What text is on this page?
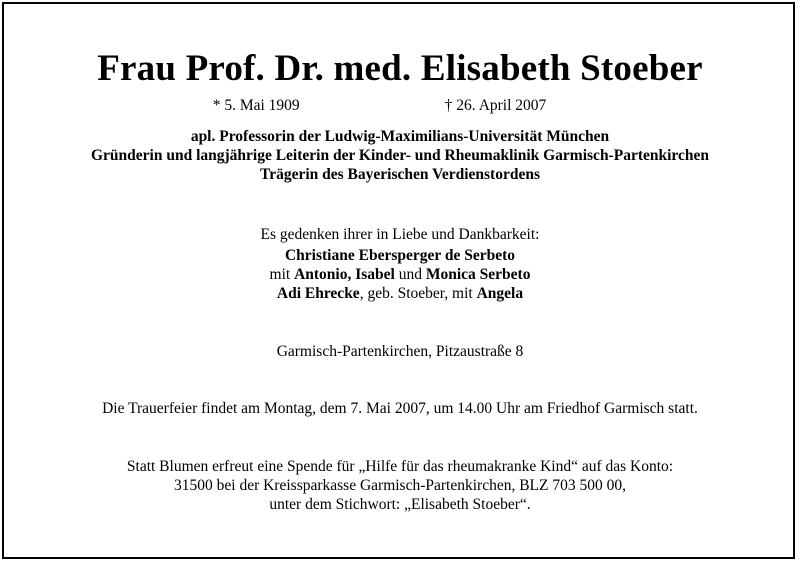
Frau Prof. Dr. med. Elisabeth Stoeber
* 5. Mai 1909	† 26. April 2007
apl. Professorin der Ludwig-Maximilians-Universität München
Gründerin und langjährige Leiterin der Kinder- und Rheumaklinik Garmisch-Partenkirchen
Trägerin des Bayerischen Verdienstordens
Es gedenken ihrer in Liebe und Dankbarkeit:
Christiane Ebersperger de Serbeto
mit Antonio, Isabel und Monica Serbeto
Adi Ehrecke, geb. Stoeber, mit Angela
Garmisch-Partenkirchen, Pitzaustraße 8
Die Trauerfeier findet am Montag, dem 7. Mai 2007, um 14.00 Uhr am Friedhof Garmisch statt.
Statt Blumen erfreut eine Spende für „Hilfe für das rheumakranke Kind“ auf das Konto:
31500 bei der Kreissparkasse Garmisch-Partenkirchen, BLZ 703 500 00,
unter dem Stichwort: „Elisabeth Stoeber“.
